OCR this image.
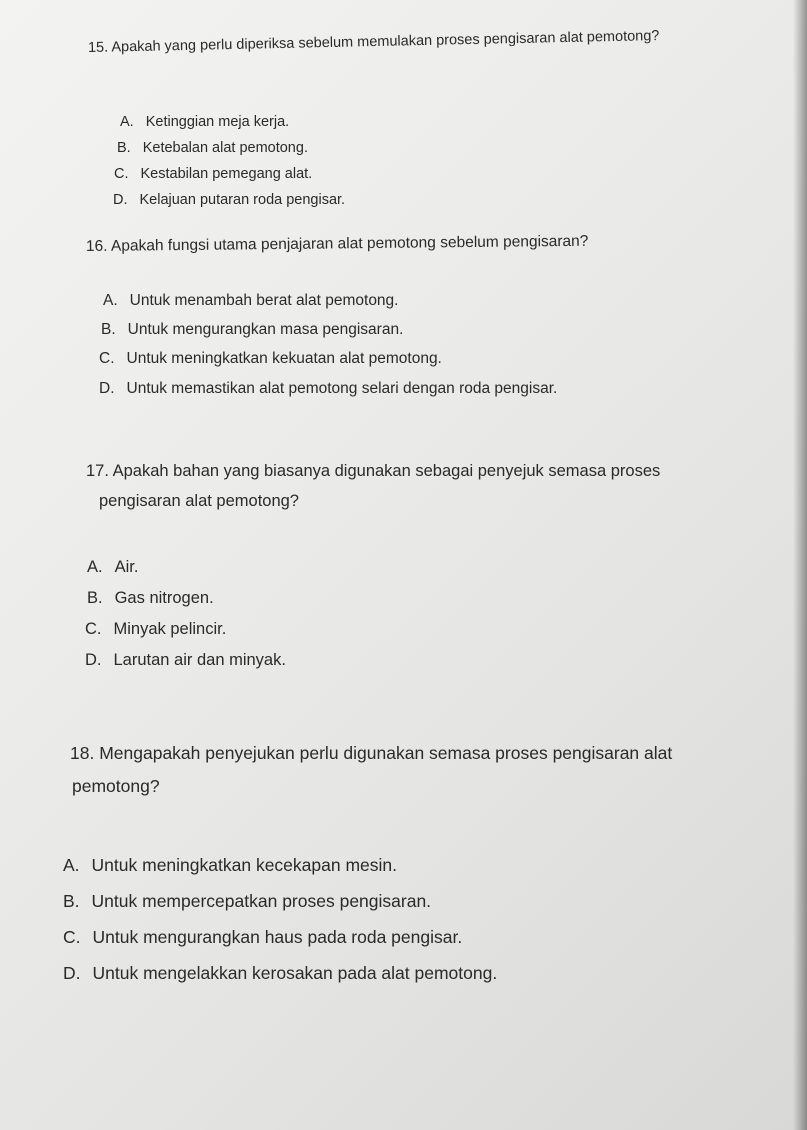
15. Apakah yang perlu diperiksa sebelum memulakan proses pengisaran alat pemotong?
A. Ketinggian meja kerja.
B. Ketebalan alat pemotong.
C. Kestabilan pemegang alat.
D. Kelajuan putaran roda pengisar.
16. Apakah fungsi utama penjajaran alat pemotong sebelum pengisaran?
A. Untuk menambah berat alat pemotong.
B. Untuk mengurangkan masa pengisaran.
C. Untuk meningkatkan kekuatan alat pemotong.
D. Untuk memastikan alat pemotong selari dengan roda pengisar.
17. Apakah bahan yang biasanya digunakan sebagai penyejuk semasa proses
pengisaran alat pemotong?
A. Air.
B. Gas nitrogen.
C. Minyak pelincir.
D. Larutan air dan minyak.
18. Mengapakah penyejukan perlu digunakan semasa proses pengisaran alat
pemotong?
A. Untuk meningkatkan kecekapan mesin.
B. Untuk mempercepatkan proses pengisaran.
C. Untuk mengurangkan haus pada roda pengisar.
D. Untuk mengelakkan kerosakan pada alat pemotong.
